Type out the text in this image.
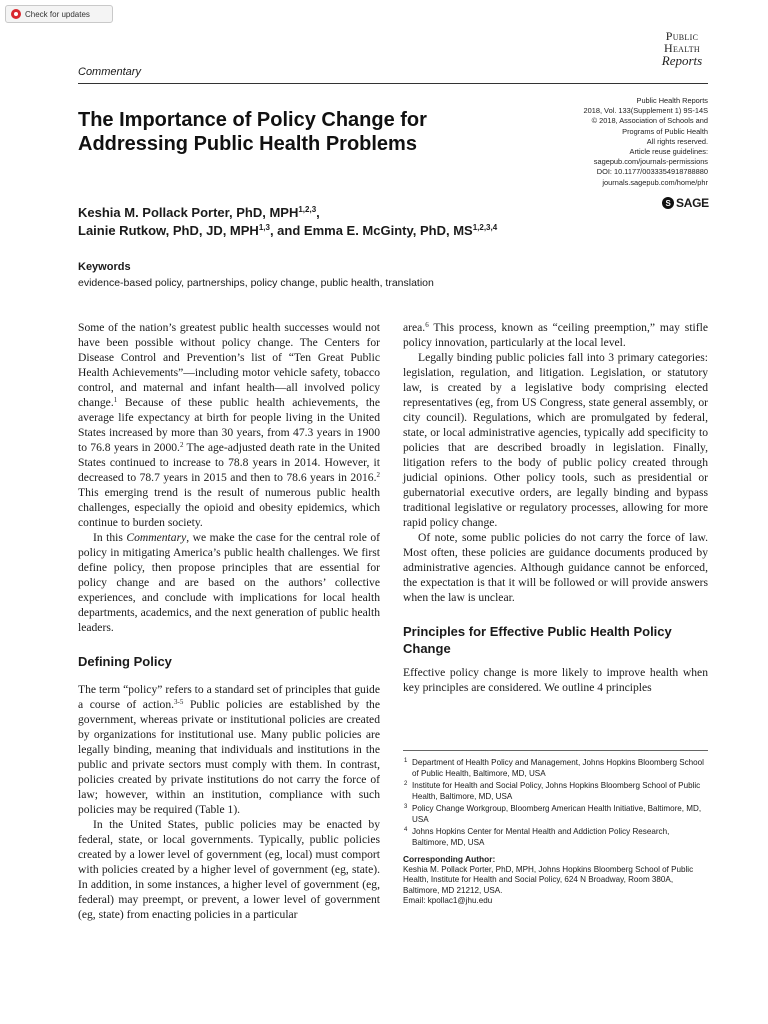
Check for updates
Public
Health
Reports
Commentary
The Importance of Policy Change for Addressing Public Health Problems
Public Health Reports
2018, Vol. 133(Supplement 1) 9S-14S
© 2018, Association of Schools and
Programs of Public Health
All rights reserved.
Article reuse guidelines:
sagepub.com/journals-permissions
DOI: 10.1177/0033354918788880
journals.sagepub.com/home/phr
S SAGE
Keshia M. Pollack Porter, PhD, MPH$^{1,2,3}$,
Lainie Rutkow, PhD, JD, MPH$^{1,3}$, and Emma E. McGinty, PhD, MS$^{1,2,3,4}$
Keywords
evidence-based policy, partnerships, policy change, public health, translation

Some of the nation’s greatest public health successes would not have been possible without policy change. The Centers for Disease Control and Prevention’s list of “Ten Great Public Health Achievements”—including motor vehicle safety, tobacco control, and maternal and infant health—all involved policy change.$^1$ Because of these public health achievements, the average life expectancy at birth for people living in the United States increased by more than 30 years, from 47.3 years in 1900 to 76.8 years in 2000.$^2$ The age-adjusted death rate in the United States continued to increase to 78.8 years in 2014. However, it decreased to 78.7 years in 2015 and then to 78.6 years in 2016.$^2$ This emerging trend is the result of numerous public health challenges, especially the opioid and obesity epidemics, which continue to burden society.

In this Commentary, we make the case for the central role of policy in mitigating America’s public health challenges. We first define policy, then propose principles that are essential for policy change and are based on the authors’ collective experiences, and conclude with implications for local health departments, academics, and the next generation of public health leaders.

Defining Policy

The term “policy” refers to a standard set of principles that guide a course of action.$^{3-5}$ Public policies are established by the government, whereas private or institutional policies are created by organizations for institutional use. Many public policies are legally binding, meaning that individuals and institutions in the public and private sectors must comply with them. In contrast, policies created by private institutions do not carry the force of law; however, within an institution, compliance with such policies may be required (Table 1).

In the United States, public policies may be enacted by federal, state, or local governments. Typically, public policies created by a lower level of government (eg, local) must comport with policies created by a higher level of government (eg, state). In addition, in some instances, a higher level of government (eg, federal) may preempt, or prevent, a lower level of government (eg, state) from enacting policies in a particular

area.$^6$ This process, known as “ceiling preemption,” may stifle policy innovation, particularly at the local level.

Legally binding public policies fall into 3 primary categories: legislation, regulation, and litigation. Legislation, or statutory law, is created by a legislative body comprising elected representatives (eg, from US Congress, state general assembly, or city council). Regulations, which are promulgated by federal, state, or local administrative agencies, typically add specificity to policies that are described broadly in legislation. Finally, litigation refers to the body of public policy created through judicial opinions. Other policy tools, such as presidential or gubernatorial executive orders, are legally binding and bypass traditional legislative or regulatory processes, allowing for more rapid policy change.

Of note, some public policies do not carry the force of law. Most often, these policies are guidance documents produced by administrative agencies. Although guidance cannot be enforced, the expectation is that it will be followed or will provide answers when the law is unclear.

Principles for Effective Public Health Policy Change

Effective policy change is more likely to improve health when key principles are considered. We outline 4 principles

1 Department of Health Policy and Management, Johns Hopkins Bloomberg School of Public Health, Baltimore, MD, USA
2 Institute for Health and Social Policy, Johns Hopkins Bloomberg School of Public Health, Baltimore, MD, USA
3 Policy Change Workgroup, Bloomberg American Health Initiative, Baltimore, MD, USA
4 Johns Hopkins Center for Mental Health and Addiction Policy Research, Baltimore, MD, USA
Corresponding Author:
Keshia M. Pollack Porter, PhD, MPH, Johns Hopkins Bloomberg School of Public Health, Institute for Health and Social Policy, 624 N Broadway, Room 380A, Baltimore, MD 21212, USA.
Email: kpollac1@jhu.edu
